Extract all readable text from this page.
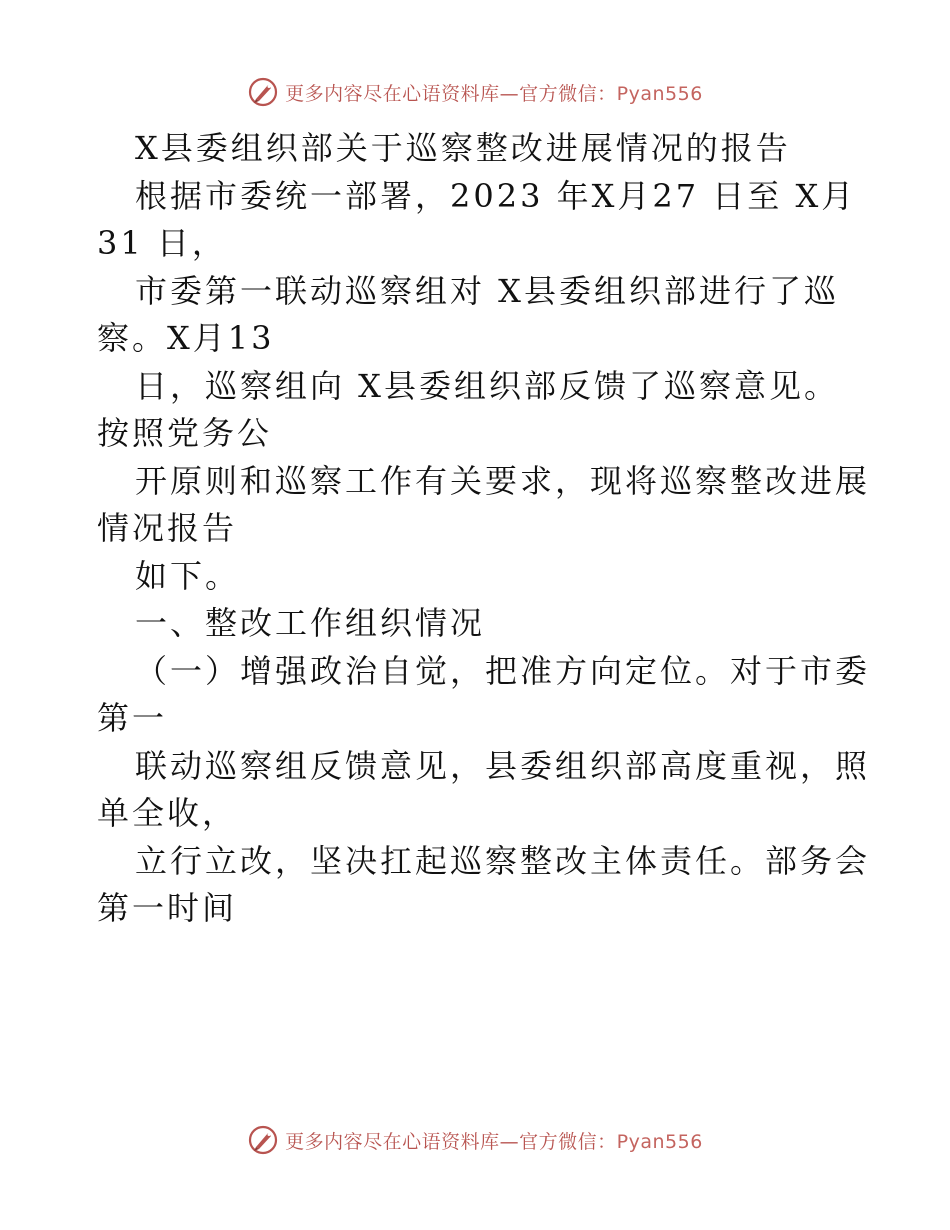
更多内容尽在心语资料库—官方微信：Pyan556
X县委组织部关于巡察整改进展情况的报告
根据市委统一部署，2023 年X月27 日至 X月
31 日，
市委第一联动巡察组对 X县委组织部进行了巡
察。X月13
日，巡察组向 X县委组织部反馈了巡察意见。
按照党务公
开原则和巡察工作有关要求，现将巡察整改进展
情况报告
如下。
一、整改工作组织情况
（一）增强政治自觉，把准方向定位。对于市委
第一
联动巡察组反馈意见，县委组织部高度重视，照
单全收，
立行立改，坚决扛起巡察整改主体责任。部务会
第一时间
更多内容尽在心语资料库—官方微信：Pyan556
